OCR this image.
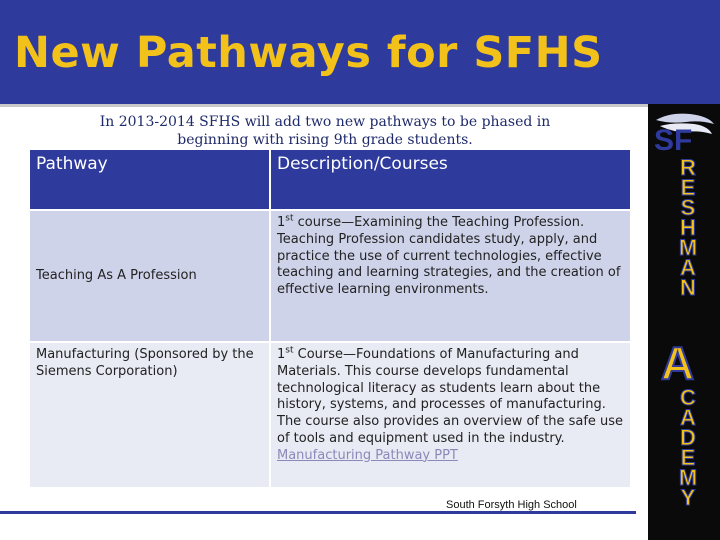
New Pathways for SFHS
In 2013-2014 SFHS will add two new pathways to be phased in beginning with rising 9th grade students.
Pathway	Description/Courses
Teaching As A Profession	1st course—Examining the Teaching Profession. Teaching Profession candidates study, apply, and practice the use of current technologies, effective teaching and learning strategies, and the creation of effective learning environments.
Manufacturing (Sponsored by the Siemens Corporation)	1st Course—Foundations of Manufacturing and Materials. This course develops fundamental technological literacy as students learn about the history, systems, and processes of manufacturing. The course also provides an overview of the safe use of tools and equipment used in the industry.
Manufacturing Pathway PPT
South Forsyth High School
SF
R
E
S
H
M
A
N
A
C
A
D
E
M
Y
